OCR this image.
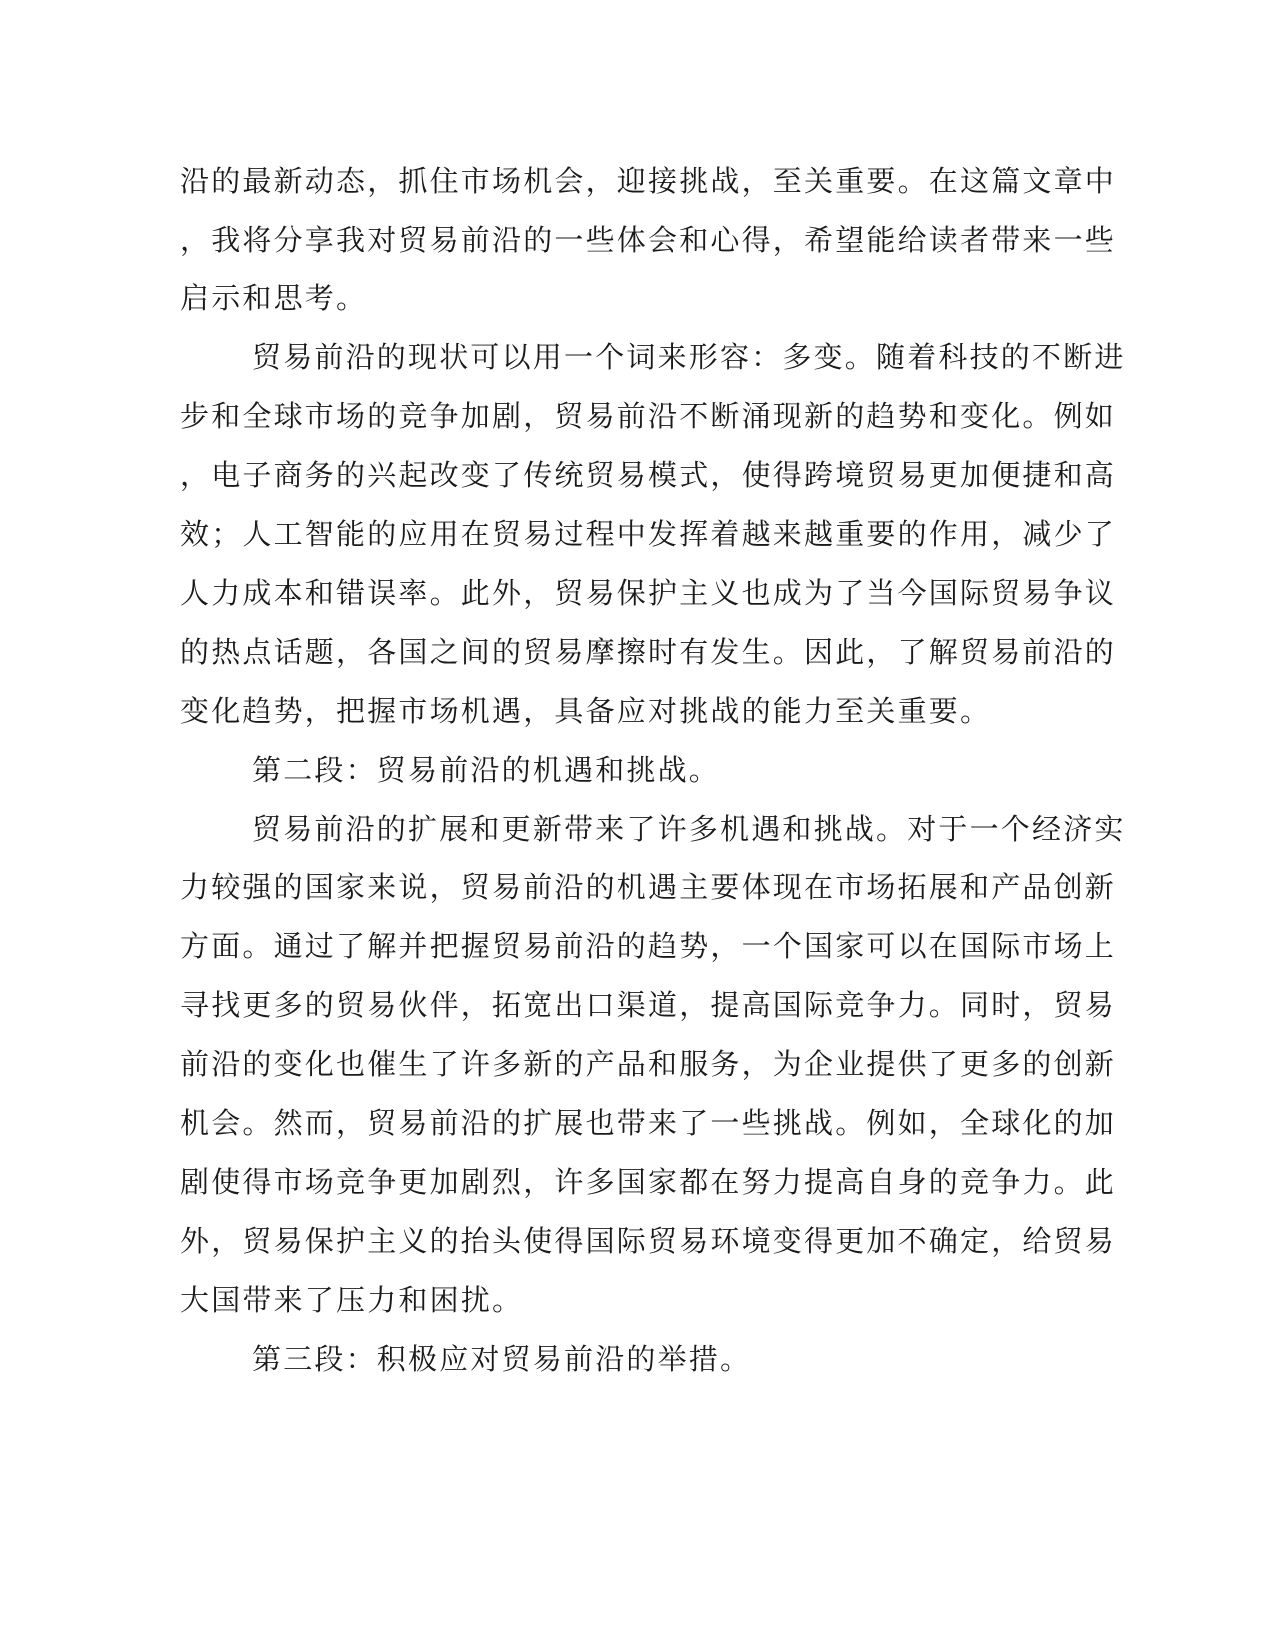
沿的最新动态，抓住市场机会，迎接挑战，至关重要。在这篇文章中
，我将分享我对贸易前沿的一些体会和心得，希望能给读者带来一些
启示和思考。
贸易前沿的现状可以用一个词来形容：多变。随着科技的不断进
步和全球市场的竞争加剧，贸易前沿不断涌现新的趋势和变化。例如
，电子商务的兴起改变了传统贸易模式，使得跨境贸易更加便捷和高
效；人工智能的应用在贸易过程中发挥着越来越重要的作用，减少了
人力成本和错误率。此外，贸易保护主义也成为了当今国际贸易争议
的热点话题，各国之间的贸易摩擦时有发生。因此，了解贸易前沿的
变化趋势，把握市场机遇，具备应对挑战的能力至关重要。
第二段：贸易前沿的机遇和挑战。
贸易前沿的扩展和更新带来了许多机遇和挑战。对于一个经济实
力较强的国家来说，贸易前沿的机遇主要体现在市场拓展和产品创新
方面。通过了解并把握贸易前沿的趋势，一个国家可以在国际市场上
寻找更多的贸易伙伴，拓宽出口渠道，提高国际竞争力。同时，贸易
前沿的变化也催生了许多新的产品和服务，为企业提供了更多的创新
机会。然而，贸易前沿的扩展也带来了一些挑战。例如，全球化的加
剧使得市场竞争更加剧烈，许多国家都在努力提高自身的竞争力。此
外，贸易保护主义的抬头使得国际贸易环境变得更加不确定，给贸易
大国带来了压力和困扰。
第三段：积极应对贸易前沿的举措。
